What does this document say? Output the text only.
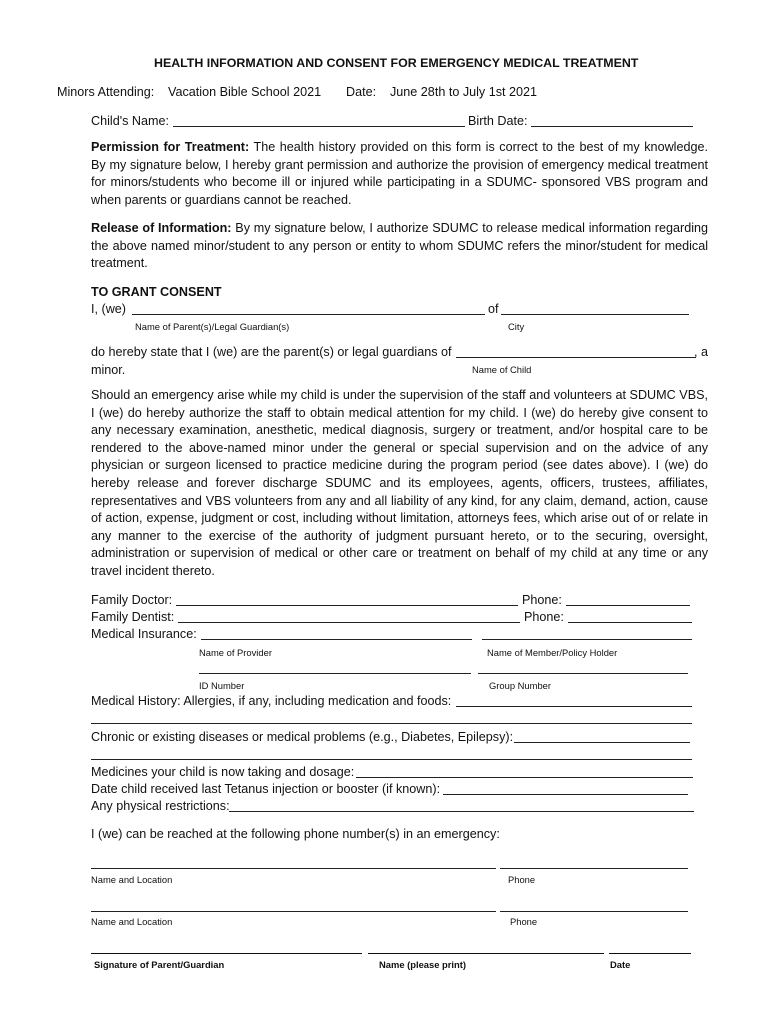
HEALTH INFORMATION AND CONSENT FOR EMERGENCY MEDICAL TREATMENT
Minors Attending: Vacation Bible School 2021 Date: June 28th to July 1st 2021
Child's Name:	Birth Date:

Permission for Treatment: The health history provided on this form is correct to the best of my knowledge. By my signature below, I hereby grant permission and authorize the provision of emergency medical treatment for minors/students who become ill or injured while participating in a SDUMC- sponsored VBS program and when parents or guardians cannot be reached.

Release of Information: By my signature below, I authorize SDUMC to release medical information regarding the above named minor/student to any person or entity to whom SDUMC refers the minor/student for medical treatment.

TO GRANT CONSENT
I, (we)	of
Name of Parent(s)/Legal Guardian(s)	City
do hereby state that I (we) are the parent(s) or legal guardians of	, a
minor.	Name of Child
Should an emergency arise while my child is under the supervision of the staff and volunteers at SDUMC VBS, I (we) do hereby authorize the staff to obtain medical attention for my child. I (we) do hereby give consent to any necessary examination, anesthetic, medical diagnosis, surgery or treatment, and/or hospital care to be rendered to the above-named minor under the general or special supervision and on the advice of any physician or surgeon licensed to practice medicine during the program period (see dates above). I (we) do hereby release and forever discharge SDUMC and its employees, agents, officers, trustees, affiliates, representatives and VBS volunteers from any and all liability of any kind, for any claim, demand, action, cause of action, expense, judgment or cost, including without limitation, attorneys fees, which arise out of or relate in any manner to the exercise of the authority of judgment pursuant hereto, or to the securing, oversight, administration or supervision of medical or other care or treatment on behalf of my child at any time or any travel incident thereto.
Family Doctor:	Phone:
Family Dentist:	Phone:
Medical Insurance:
Name of Provider	Name of Member/Policy Holder
ID Number	Group Number
Medical History: Allergies, if any, including medication and foods:
Chronic or existing diseases or medical problems (e.g., Diabetes, Epilepsy):
Medicines your child is now taking and dosage:
Date child received last Tetanus injection or booster (if known):
Any physical restrictions:
I (we) can be reached at the following phone number(s) in an emergency:
Name and Location	Phone
Name and Location	Phone
Signature of Parent/Guardian	Name (please print)	Date
